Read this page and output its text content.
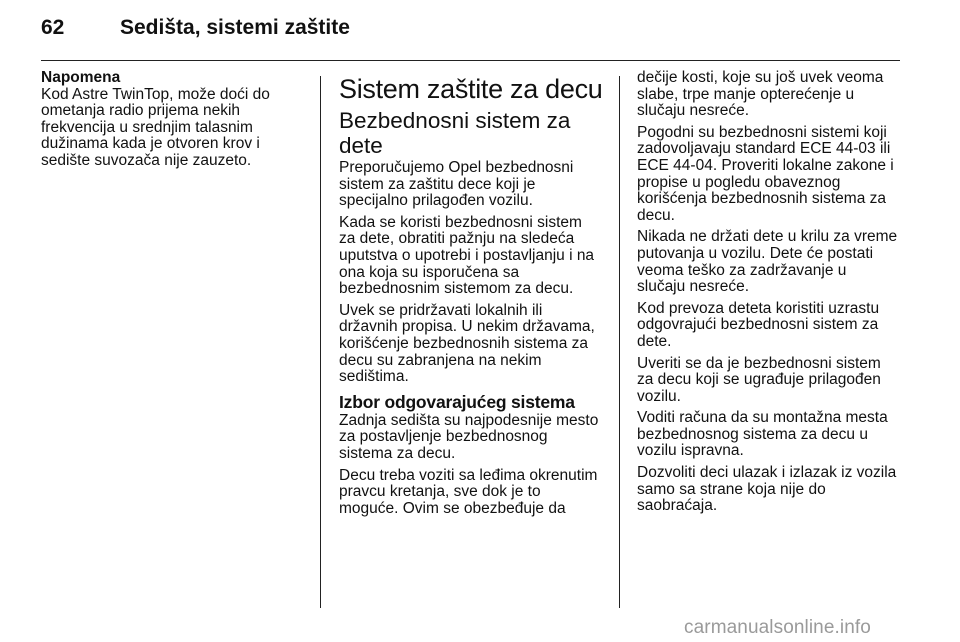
62	Sedišta, sistemi zaštite
Napomena
Kod Astre TwinTop, može doći do
ometanja radio prijema nekih
frekvencija u srednjim talasnim
dužinama kada je otvoren krov i
sedište suvozača nije zauzeto.
Sistem zaštite za decu
Bezbednosni sistem za dete
Preporučujemo Opel bezbednosni
sistem za zaštitu dece koji je
specijalno prilagođen vozilu.
Kada se koristi bezbednosni sistem
za dete, obratiti pažnju na sledeća
uputstva o upotrebi i postavljanju i na
ona koja su isporučena sa
bezbednosnim sistemom za decu.
Uvek se pridržavati lokalnih ili
državnih propisa. U nekim državama,
korišćenje bezbednosnih sistema za
decu su zabranjena na nekim
sedištima.
Izbor odgovarajućeg sistema
Zadnja sedišta su najpodesnije mesto
za postavljenje bezbednosnog
sistema za decu.
Decu treba voziti sa leđima okrenutim
pravcu kretanja, sve dok je to
moguće. Ovim se obezbeđuje da
dečije kosti, koje su još uvek veoma
slabe, trpe manje opterećenje u
slučaju nesreće.
Pogodni su bezbednosni sistemi koji
zadovoljavaju standard ECE 44-03 ili
ECE 44-04. Proveriti lokalne zakone i
propise u pogledu obaveznog
korišćenja bezbednosnih sistema za
decu.
Nikada ne držati dete u krilu za vreme
putovanja u vozilu. Dete će postati
veoma teško za zadržavanje u
slučaju nesreće.
Kod prevoza deteta koristiti uzrastu
odgovrajući bezbednosni sistem za
dete.
Uveriti se da je bezbednosni sistem
za decu koji se ugrađuje prilagođen
vozilu.
Voditi računa da su montažna mesta
bezbednosnog sistema za decu u
vozilu ispravna.
Dozvoliti deci ulazak i izlazak iz vozila
samo sa strane koja nije do
saobraćaja.
carmanualsonline.info
